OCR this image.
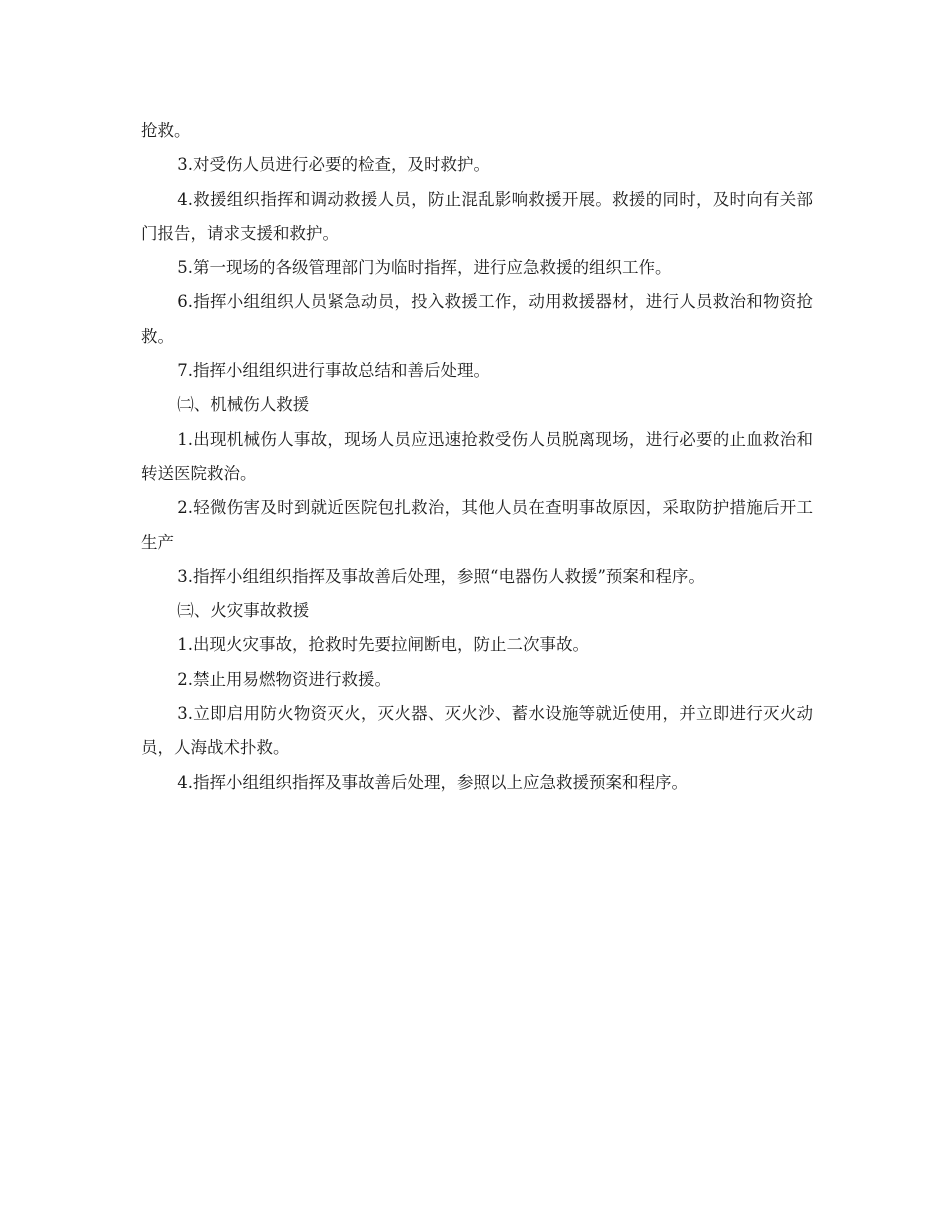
抢救。

3.对受伤人员进行必要的检查，及时救护。

4.救援组织指挥和调动救援人员，防止混乱影响救援开展。救援的同时，及时向有关部门报告，请求支援和救护。

5.第一现场的各级管理部门为临时指挥，进行应急救援的组织工作。

6.指挥小组组织人员紧急动员，投入救援工作，动用救援器材，进行人员救治和物资抢救。

7.指挥小组组织进行事故总结和善后处理。

㈡、机械伤人救援

1.出现机械伤人事故，现场人员应迅速抢救受伤人员脱离现场，进行必要的止血救治和转送医院救治。

2.轻微伤害及时到就近医院包扎救治，其他人员在查明事故原因，采取防护措施后开工生产

3.指挥小组组织指挥及事故善后处理，参照“电器伤人救援”预案和程序。

㈢、火灾事故救援

1.出现火灾事故，抢救时先要拉闸断电，防止二次事故。

2.禁止用易燃物资进行救援。

3.立即启用防火物资灭火，灭火器、灭火沙、蓄水设施等就近使用，并立即进行灭火动员，人海战术扑救。

4.指挥小组组织指挥及事故善后处理，参照以上应急救援预案和程序。
